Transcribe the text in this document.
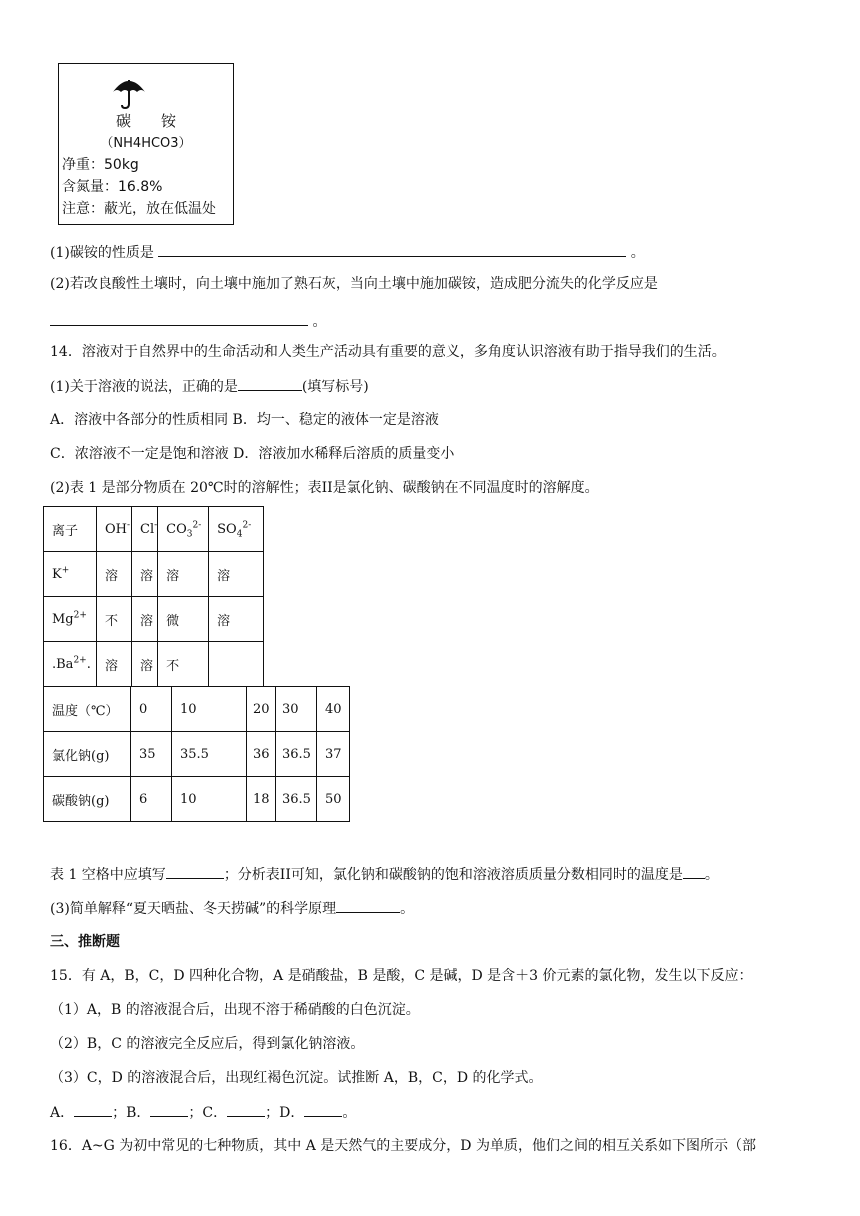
碳　　铵
（NH4HCO3）
净重：50kg
含氮量：16.8%
注意：蔽光，放在低温处
(1)碳铵的性质是	。
(2)若改良酸性土壤时，向土壤中施加了熟石灰，当向土壤中施加碳铵，造成肥分流失的化学反应是
。
14．溶液对于自然界中的生命活动和人类生产活动具有重要的意义，多角度认识溶液有助于指导我们的生活。
(1)关于溶液的说法，正确的是	(填写标号)
A．溶液中各部分的性质相同 B．均一、稳定的液体一定是溶液
C．浓溶液不一定是饱和溶液 D．溶液加水稀释后溶质的质量变小
(2)表 1 是部分物质在 20℃时的溶解性；表II是氯化钠、碳酸钠在不同温度时的溶解度。
离子	OH-	Cl-	$CO_3^{2-}$	$SO_4^{2-}$
K+	溶	溶	溶	溶
$Mg^{2+}$	不	溶	微	溶
$.Ba^{2+}$.	溶	溶	不	
温度（℃）	0	10	20	30	40
氯化钠(g)	35	35.5	36	36.5	37
碳酸钠(g)	6	10	18	36.5	50
表 1 空格中应填写	；分析表II可知，氯化钠和碳酸钠的饱和溶液溶质质量分数相同时的温度是 。
(3)简单解释“夏天晒盐、冬天捞碱”的科学原理	。
三、推断题
15．有 A，B，C，D 四种化合物，A 是硝酸盐，B 是酸，C 是碱，D 是含＋3 价元素的氯化物，发生以下反应：
（1）A，B 的溶液混合后，出现不溶于稀硝酸的白色沉淀。
（2）B，C 的溶液完全反应后，得到氯化钠溶液。
（3）C，D 的溶液混合后，出现红褐色沉淀。试推断 A，B，C，D 的化学式。
A．	；B．	；C．	；D．	。
16．A~G 为初中常见的七种物质，其中 A 是天然气的主要成分，D 为单质，他们之间的相互关系如下图所示（部
